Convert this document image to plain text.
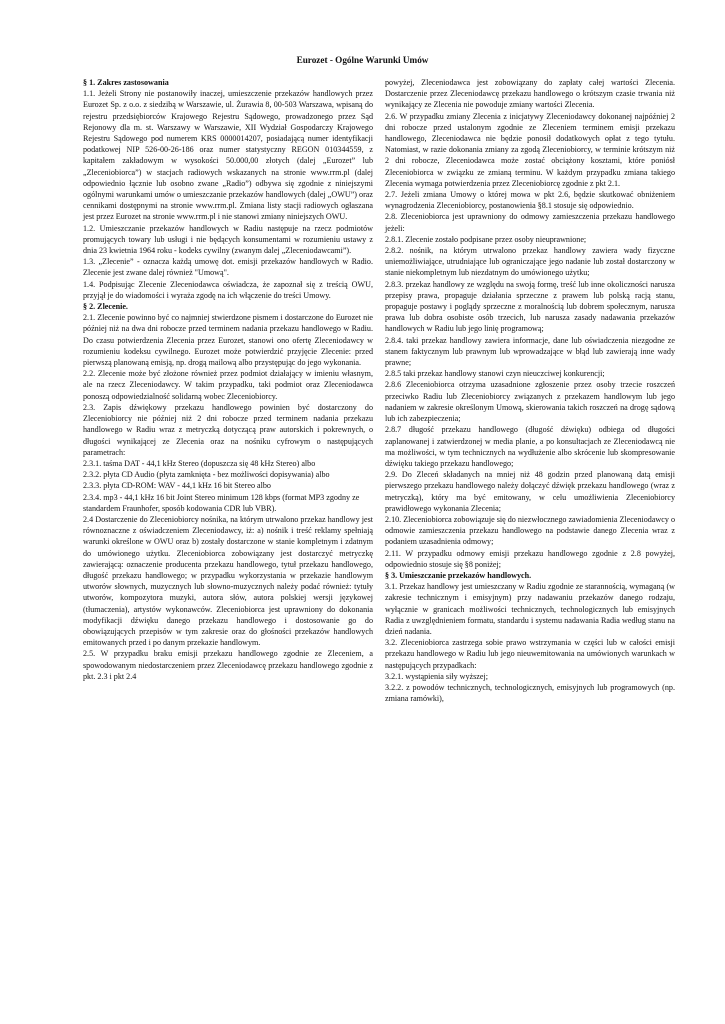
Eurozet - Ogólne Warunki Umów
§ 1. Zakres zastosowania
1.1. Jeżeli Strony nie postanowiły inaczej, umieszczenie przekazów handlowych przez Eurozet Sp. z o.o. z siedzibą w Warszawie, ul. Żurawia 8, 00-503 Warszawa, wpisaną do rejestru przedsiębiorców Krajowego Rejestru Sądowego, prowadzonego przez Sąd Rejonowy dla m. st. Warszawy w Warszawie, XII Wydział Gospodarczy Krajowego Rejestru Sądowego pod numerem KRS 0000014207, posiadającą numer identyfikacji podatkowej NIP 526-00-26-186 oraz numer statystyczny REGON 010344559, z kapitałem zakładowym w wysokości 50.000,00 złotych (dalej „Eurozet” lub „Zleceniobiorca”) w stacjach radiowych wskazanych na stronie www.rrm.pl (dalej odpowiednio łącznie lub osobno zwane „Radio”) odbywa się zgodnie z niniejszymi ogólnymi warunkami umów o umieszczanie przekazów handlowych (dalej „OWU”) oraz cennikami dostępnymi na stronie www.rrm.pl. Zmiana listy stacji radiowych ogłaszana jest przez Eurozet na stronie www.rrm.pl i nie stanowi zmiany niniejszych OWU.
1.2. Umieszczanie przekazów handlowych w Radiu następuje na rzecz podmiotów promujących towary lub usługi i nie będących konsumentami w rozumieniu ustawy z dnia 23 kwietnia 1964 roku - kodeks cywilny (zwanym dalej „Zleceniodawcami”).
1.3. „Zlecenie” - oznacza każdą umowę dot. emisji przekazów handlowych w Radio. Zlecenie jest zwane dalej również "Umową".
1.4. Podpisując Zlecenie Zleceniodawca oświadcza, że zapoznał się z treścią OWU, przyjął je do wiadomości i wyraża zgodę na ich włączenie do treści Umowy.
§ 2. Zlecenie.
2.1. Zlecenie powinno być co najmniej stwierdzone pismem i dostarczone do Eurozet nie później niż na dwa dni robocze przed terminem nadania przekazu handlowego w Radiu. Do czasu potwierdzenia Zlecenia przez Eurozet, stanowi ono ofertę Zleceniodawcy w rozumieniu kodeksu cywilnego. Eurozet może potwierdzić przyjęcie Zlecenie: przed pierwszą planowaną emisją, np. drogą mailową albo przystępując do jego wykonania.
2.2. Zlecenie może być złożone również przez podmiot działający w imieniu własnym, ale na rzecz Zleceniodawcy. W takim przypadku, taki podmiot oraz Zleceniodawca ponoszą odpowiedzialność solidarną wobec Zleceniobiorcy.
2.3. Zapis dźwiękowy przekazu handlowego powinien być dostarczony do Zleceniobiorcy nie później niż 2 dni robocze przed terminem nadania przekazu handlowego w Radiu wraz z metryczką dotyczącą praw autorskich i pokrewnych, o długości wynikającej ze Zlecenia oraz na nośniku cyfrowym o następujących parametrach:
2.3.1. taśma DAT - 44,1 kHz Stereo (dopuszcza się 48 kHz Stereo) albo
2.3.2. płyta CD Audio (płyta zamknięta - bez możliwości dopisywania) albo
2.3.3. płyta CD-ROM: WAV - 44,1 kHz 16 bit Stereo albo
2.3.4. mp3 - 44,1 kHz 16 bit Joint Stereo minimum 128 kbps (format MP3 zgodny ze standardem Fraunhofer, sposób kodowania CDR lub VBR).
2.4 Dostarczenie do Zleceniobiorcy nośnika, na którym utrwalono przekaz handlowy jest równoznaczne z oświadczeniem Zleceniodawcy, iż: a) nośnik i treść reklamy spełniają warunki określone w OWU oraz b) zostały dostarczone w stanie kompletnym i zdatnym do umówionego użytku. Zleceniobiorca zobowiązany jest dostarczyć metryczkę zawierającą: oznaczenie producenta przekazu handlowego, tytuł przekazu handlowego, długość przekazu handlowego; w przypadku wykorzystania w przekazie handlowym utworów słownych, muzycznych lub słowno-muzycznych należy podać również: tytuły utworów, kompozytora muzyki, autora słów, autora polskiej wersji językowej (tłumaczenia), artystów wykonawców. Zleceniobiorca jest uprawniony do dokonania modyfikacji dźwięku danego przekazu handlowego i dostosowanie go do obowiązujących przepisów w tym zakresie oraz do głośności przekazów handlowych emitowanych przed i po danym przekazie handlowym.
2.5. W przypadku braku emisji przekazu handlowego zgodnie ze Zleceniem, a spowodowanym niedostarczeniem przez Zleceniodawcę przekazu handlowego zgodnie z pkt. 2.3 i pkt 2.4
powyżej, Zleceniodawca jest zobowiązany do zapłaty całej wartości Zlecenia. Dostarczenie przez Zleceniodawcę przekazu handlowego o krótszym czasie trwania niż wynikający ze Zlecenia nie powoduje zmiany wartości Zlecenia.
2.6. W przypadku zmiany Zlecenia z inicjatywy Zleceniodawcy dokonanej najpóźniej 2 dni robocze przed ustalonym zgodnie ze Zleceniem terminem emisji przekazu handlowego, Zleceniodawca nie będzie ponosił dodatkowych opłat z tego tytułu. Natomiast, w razie dokonania zmiany za zgodą Zleceniobiorcy, w terminie krótszym niż 2 dni robocze, Zleceniodawca może zostać obciążony kosztami, które poniósł Zleceniobiorca w związku ze zmianą terminu. W każdym przypadku zmiana takiego Zlecenia wymaga potwierdzenia przez Zleceniobiorcę zgodnie z pkt 2.1.
2.7. Jeżeli zmiana Umowy o której mowa w pkt 2.6, będzie skutkować obniżeniem wynagrodzenia Zleceniobiorcy, postanowienia §8.1 stosuje się odpowiednio.
2.8. Zleceniobiorca jest uprawniony do odmowy zamieszczenia przekazu handlowego jeżeli:
2.8.1. Zlecenie zostało podpisane przez osoby nieuprawnione;
2.8.2. nośnik, na którym utrwalono przekaz handlowy zawiera wady fizyczne uniemożliwiające, utrudniające lub ograniczające jego nadanie lub został dostarczony w stanie niekompletnym lub niezdatnym do umówionego użytku;
2.8.3. przekaz handlowy ze względu na swoją formę, treść lub inne okoliczności narusza przepisy prawa, propaguje działania sprzeczne z prawem lub polską racją stanu, propaguje postawy i poglądy sprzeczne z moralnością lub dobrem społecznym, narusza prawa lub dobra osobiste osób trzecich, lub narusza zasady nadawania przekazów handlowych w Radiu lub jego linię programową;
2.8.4. taki przekaz handlowy zawiera informacje, dane lub oświadczenia niezgodne ze stanem faktycznym lub prawnym lub wprowadzające w błąd lub zawierają inne wady prawne;
2.8.5 taki przekaz handlowy stanowi czyn nieuczciwej konkurencji;
2.8.6 Zleceniobiorca otrzyma uzasadnione zgłoszenie przez osoby trzecie roszczeń przeciwko Radiu lub Zleceniobiorcy związanych z przekazem handlowym lub jego nadaniem w zakresie określonym Umową, skierowania takich roszczeń na drogę sądową lub ich zabezpieczenia;
2.8.7 długość przekazu handlowego (długość dźwięku) odbiega od długości zaplanowanej i zatwierdzonej w media planie, a po konsultacjach ze Zleceniodawcą nie ma możliwości, w tym technicznych na wydłużenie albo skrócenie lub skompresowanie dźwięku takiego przekazu handlowego;
2.9. Do Zleceń składanych na mniej niż 48 godzin przed planowaną datą emisji pierwszego przekazu handlowego należy dołączyć dźwięk przekazu handlowego (wraz z metryczką), który ma być emitowany, w celu umożliwienia Zleceniobiorcy prawidłowego wykonania Zlecenia;
2.10. Zleceniobiorca zobowiązuje się do niezwłocznego zawiadomienia Zleceniodawcy o odmowie zamieszczenia przekazu handlowego na podstawie danego Zlecenia wraz z podaniem uzasadnienia odmowy;
2.11. W przypadku odmowy emisji przekazu handlowego zgodnie z 2.8 powyżej, odpowiednio stosuje się §8 poniżej;
§ 3. Umieszczanie przekazów handlowych.
3.1. Przekaz handlowy jest umieszczany w Radiu zgodnie ze starannością, wymaganą (w zakresie technicznym i emisyjnym) przy nadawaniu przekazów danego rodzaju, wyłącznie w granicach możliwości technicznych, technologicznych lub emisyjnych Radia z uwzględnieniem formatu, standardu i systemu nadawania Radia według stanu na dzień nadania.
3.2. Zleceniobiorca zastrzega sobie prawo wstrzymania w części lub w całości emisji przekazu handlowego w Radiu lub jego nieuwemitowania na umówionych warunkach w następujących przypadkach:
3.2.1. wystąpienia siły wyższej;
3.2.2. z powodów technicznych, technologicznych, emisyjnych lub programowych (np. zmiana ramówki),
